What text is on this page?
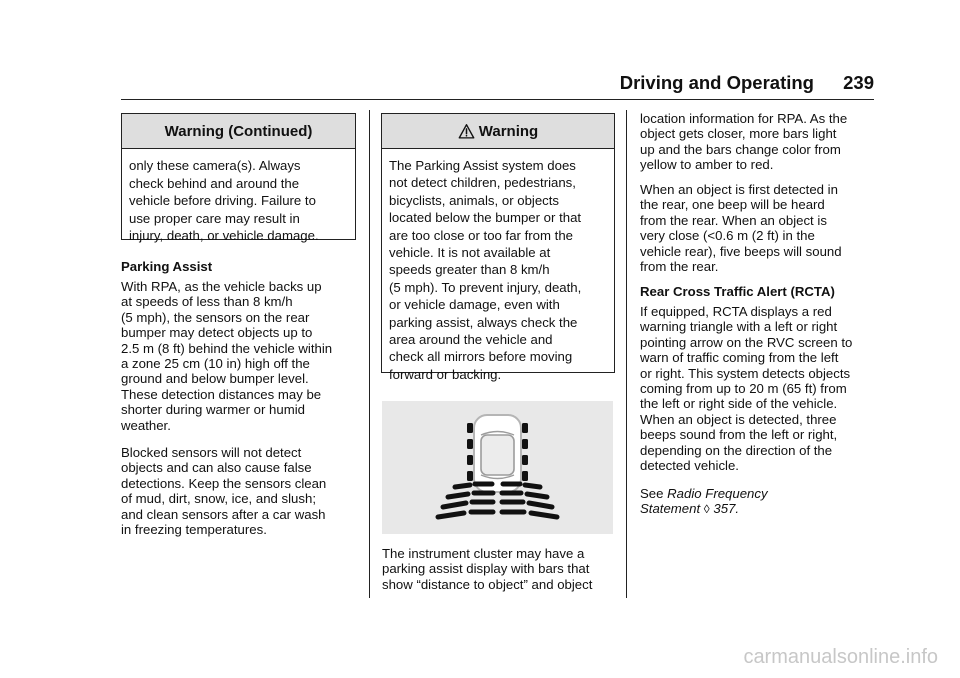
Driving and Operating 239
Warning (Continued)
only these camera(s). Always
check behind and around the
vehicle before driving. Failure to
use proper care may result in
injury, death, or vehicle damage.
Parking Assist
With RPA, as the vehicle backs up
at speeds of less than 8 km/h
(5 mph), the sensors on the rear
bumper may detect objects up to
2.5 m (8 ft) behind the vehicle within
a zone 25 cm (10 in) high off the
ground and below bumper level.
These detection distances may be
shorter during warmer or humid
weather.
Blocked sensors will not detect
objects and can also cause false
detections. Keep the sensors clean
of mud, dirt, snow, ice, and slush;
and clean sensors after a car wash
in freezing temperatures.
Warning
The Parking Assist system does
not detect children, pedestrians,
bicyclists, animals, or objects
located below the bumper or that
are too close or too far from the
vehicle. It is not available at
speeds greater than 8 km/h
(5 mph). To prevent injury, death,
or vehicle damage, even with
parking assist, always check the
area around the vehicle and
check all mirrors before moving
forward or backing.
The instrument cluster may have a
parking assist display with bars that
show “distance to object” and object
location information for RPA. As the
object gets closer, more bars light
up and the bars change color from
yellow to amber to red.
When an object is first detected in
the rear, one beep will be heard
from the rear. When an object is
very close (<0.6 m (2 ft) in the
vehicle rear), five beeps will sound
from the rear.
Rear Cross Traffic Alert (RCTA)
If equipped, RCTA displays a red
warning triangle with a left or right
pointing arrow on the RVC screen to
warn of traffic coming from the left
or right. This system detects objects
coming from up to 20 m (65 ft) from
the left or right side of the vehicle.
When an object is detected, three
beeps sound from the left or right,
depending on the direction of the
detected vehicle.
See Radio Frequency
Statement ◊ 357.
carmanualsonline.info
